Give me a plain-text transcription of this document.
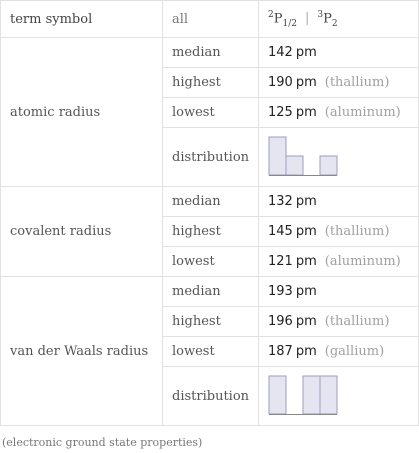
term symbol	all	$^2P_{1/2}$ | $^3P_2$
atomic radius	median	142 pm
	highest	190 pm (thallium)
	lowest	125 pm (aluminum)
	distribution	

covalent radius	median	132 pm
	highest	145 pm (thallium)
	lowest	121 pm (aluminum)
van der Waals radius	median	193 pm
	highest	196 pm (thallium)
	lowest	187 pm (gallium)
	distribution	
(electronic ground state properties)
